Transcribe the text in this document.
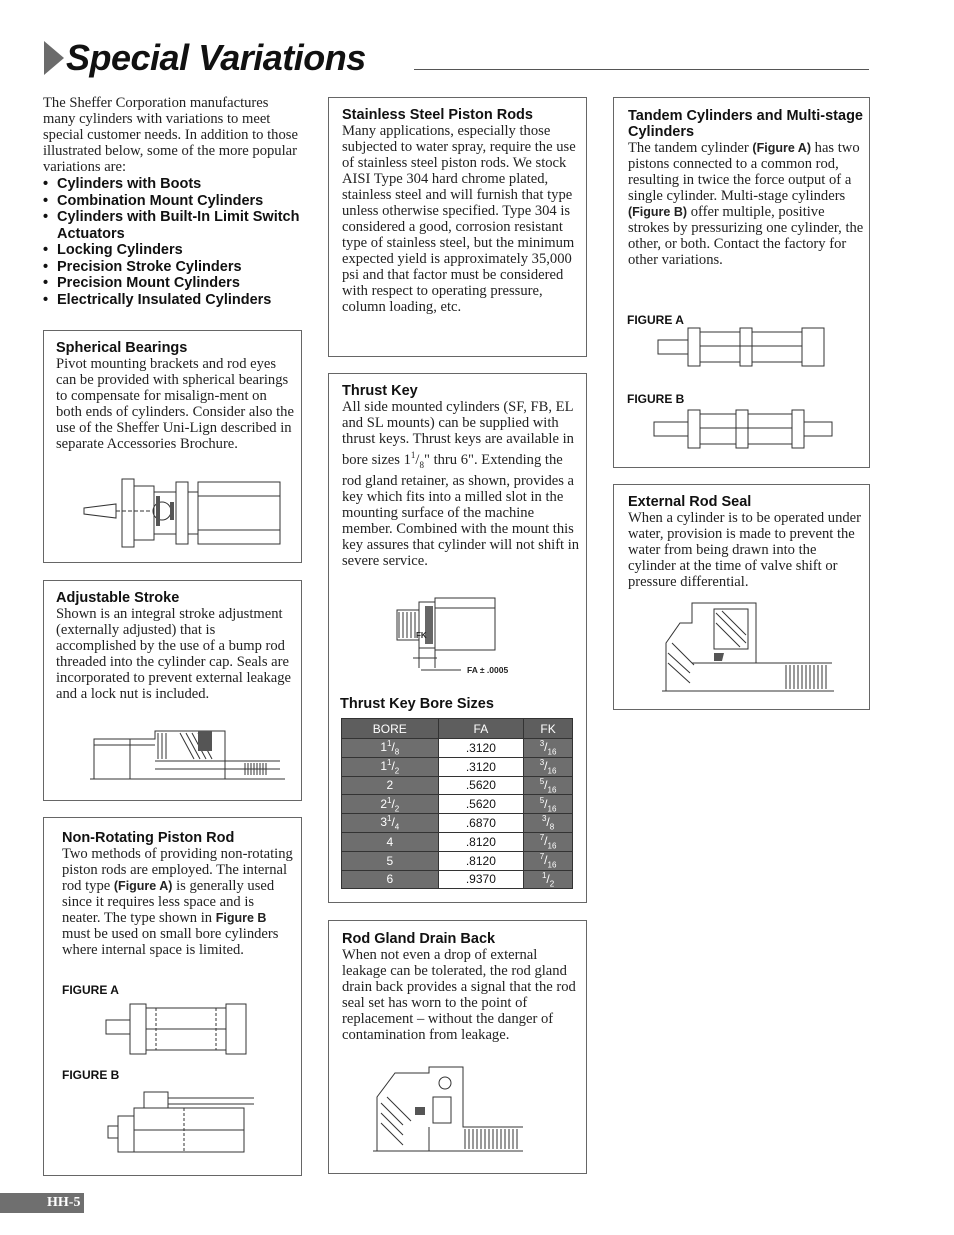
Special Variations
The Sheffer Corporation manufactures many cylinders with variations to meet special customer needs. In addition to those illustrated below, some of the more popular variations are:
• Cylinders with Boots
• Combination Mount Cylinders
• Cylinders with Built-In Limit Switch Actuators
• Locking Cylinders
• Precision Stroke Cylinders
• Precision Mount Cylinders
• Electrically Insulated Cylinders
Spherical Bearings

Pivot mounting brackets and rod eyes can be provided with spherical bearings to compensate for misalign-ment on both ends of cylinders. Consider also the use of the Sheffer Uni-Lign described in separate Accessories Brochure.

Adjustable Stroke

Shown is an integral stroke adjustment (externally adjusted) that is accomplished by the use of a bump rod threaded into the cylinder cap. Seals are incorporated to prevent external leakage and a lock nut is included.

Non-Rotating Piston Rod

Two methods of providing non-rotating piston rods are employed. The internal rod type (Figure A) is generally used since it requires less space and is neater. The type shown in Figure B must be used on small bore cylinders where internal space is limited.

FIGURE A
FIGURE B
Stainless Steel Piston Rods

Many applications, especially those subjected to water spray, require the use of stainless steel piston rods. We stock AISI Type 304 hard chrome plated, stainless steel and will furnish that type unless otherwise specified. Type 304 is considered a good, corrosion resistant type of stainless steel, but the minimum expected yield is approximately 35,000 psi and that factor must be considered with respect to operating pressure, column loading, etc.

Thrust Key

All side mounted cylinders (SF, FB, EL and SL mounts) can be supplied with thrust keys. Thrust keys are available in bore sizes $1^1/_8$" thru 6". Extending the rod gland retainer, as shown, provides a key which fits into a milled slot in the mounting surface of the machine member. Combined with the mount this key assures that cylinder will not shift in severe service.

FK
FA ± .0005
Thrust Key Bore Sizes
BORE	FA	FK
$1^1/_8$	.3120	$^3/_{16}$
$1^1/_2$	.3120	$^3/_{16}$
2	.5620	$^5/_{16}$
$2^1/_2$	.5620	$^5/_{16}$
$3^1/_4$	.6870	$^3/_8$
4	.8120	$^7/_{16}$
5	.8120	$^7/_{16}$
6	.9370	$^1/_2$
Rod Gland Drain Back

When not even a drop of external leakage can be tolerated, the rod gland drain back provides a signal that the rod seal set has worn to the point of replacement – without the danger of contamination from leakage.

Tandem Cylinders and Multi-stage Cylinders

The tandem cylinder (Figure A) has two pistons connected to a common rod, resulting in twice the force output of a single cylinder. Multi-stage cylinders (Figure B) offer multiple, positive strokes by pressurizing one cylinder, the other, or both. Contact the factory for other variations.

FIGURE A
FIGURE B
External Rod Seal

When a cylinder is to be operated under water, provision is made to prevent the water from being drawn into the cylinder at the time of valve shift or pressure differential.

HH-5
